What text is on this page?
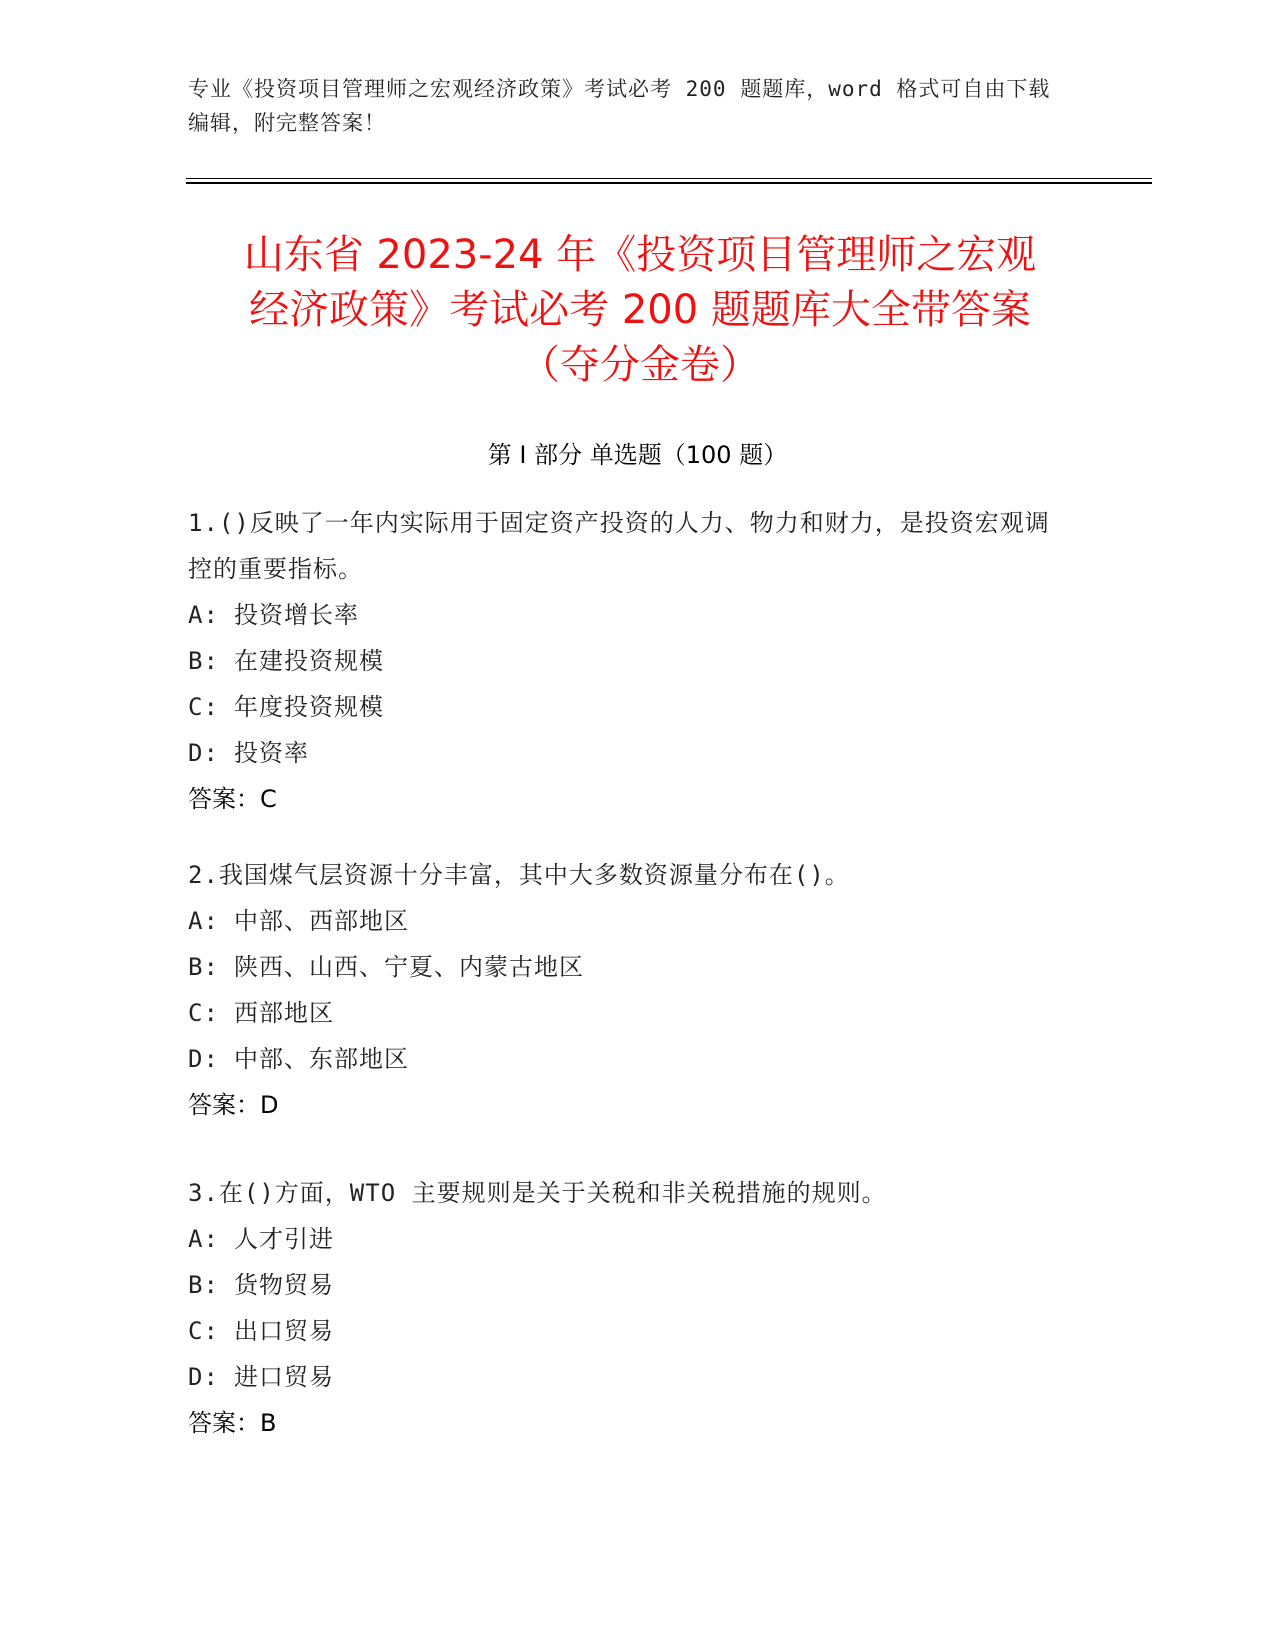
专业《投资项目管理师之宏观经济政策》考试必考 200 题题库，word 格式可自由下载编辑，附完整答案！
山东省 2023-24 年《投资项目管理师之宏观
经济政策》考试必考 200 题题库大全带答案
（夺分金卷）
第 I 部分 单选题（100 题）
1.()反映了一年内实际用于固定资产投资的人力、物力和财力，是投资宏观调控的重要指标。
A: 投资增长率
B: 在建投资规模
C: 年度投资规模
D: 投资率
答案：C
2.我国煤气层资源十分丰富，其中大多数资源量分布在()。
A: 中部、西部地区
B: 陕西、山西、宁夏、内蒙古地区
C: 西部地区
D: 中部、东部地区
答案：D
3.在()方面，WTO 主要规则是关于关税和非关税措施的规则。
A: 人才引进
B: 货物贸易
C: 出口贸易
D: 进口贸易
答案：B
